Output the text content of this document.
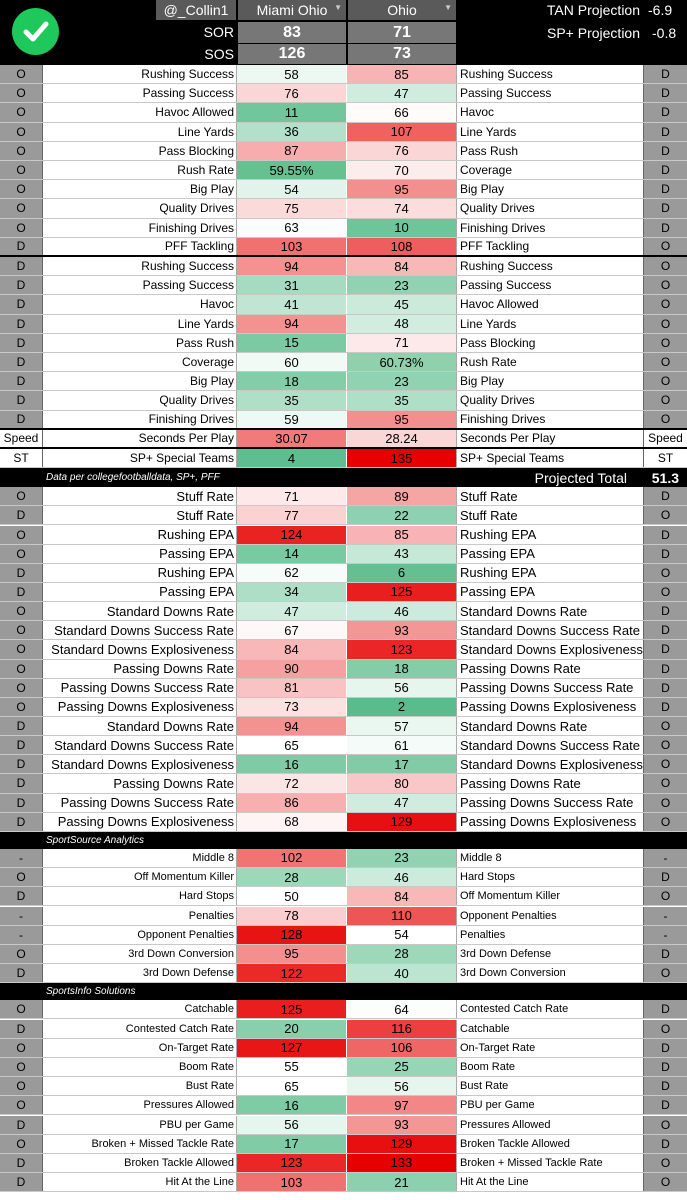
@_Collin1 Miami Ohio ▼	Ohio	▼	TAN Projection -6.9
SOR	83	71	SP+ Projection -0.8
SOS	126	73
O	Rushing Success	58	85	Rushing Success	D
O	Passing Success	76	47	Passing Success	D
O	Havoc Allowed	11	66	Havoc	D
O	Line Yards	36	107	Line Yards	D
O	Pass Blocking	87	76	Pass Rush	D
O	Rush Rate	59.55%	70	Coverage	D
O	Big Play	54	95	Big Play	D
O	Quality Drives	75	74	Quality Drives	D
O	Finishing Drives	63	10	Finishing Drives	D
D	PFF Tackling	103	108	PFF Tackling	O
D	Rushing Success	94	84	Rushing Success	O
D	Passing Success	31	23	Passing Success	O
D	Havoc	41	45	Havoc Allowed	O
D	Line Yards	94	48	Line Yards	O
D	Pass Rush	15	71	Pass Blocking	O
D	Coverage	60	60.73%	Rush Rate	O
D	Big Play	18	23	Big Play	O
D	Quality Drives	35	35	Quality Drives	O
D	Finishing Drives	59	95	Finishing Drives	O
Speed	Seconds Per Play	30.07	28.24	Seconds Per Play	Speed
ST	SP+ Special Teams	4	135	SP+ Special Teams	ST
Data per collegefootballdata, SP+, PFF	Projected Total 51.3
O	Stuff Rate	71	89	Stuff Rate	D
D	Stuff Rate	77	22	Stuff Rate	O
O	Rushing EPA	124	85	Rushing EPA	D
O	Passing EPA	14	43	Passing EPA	D
D	Rushing EPA	62	6	Rushing EPA	O
D	Passing EPA	34	125	Passing EPA	O
O	Standard Downs Rate	47	46	Standard Downs Rate	D
O	Standard Downs Success Rate	67	93	Standard Downs Success Rate	D
O	Standard Downs Explosiveness	84	123	Standard Downs Explosiveness	D
O	Passing Downs Rate	90	18	Passing Downs Rate	D
O	Passing Downs Success Rate	81	56	Passing Downs Success Rate	D
O	Passing Downs Explosiveness	73	2	Passing Downs Explosiveness	D
D	Standard Downs Rate	94	57	Standard Downs Rate	O
D	Standard Downs Success Rate	65	61	Standard Downs Success Rate	O
D	Standard Downs Explosiveness	16	17	Standard Downs Explosiveness	O
D	Passing Downs Rate	72	80	Passing Downs Rate	O
D	Passing Downs Success Rate	86	47	Passing Downs Success Rate	O
D	Passing Downs Explosiveness	68	129	Passing Downs Explosiveness	O
SportSource Analytics
-	Middle 8	102	23	Middle 8	-
O	Off Momentum Killer	28	46	Hard Stops	D
D	Hard Stops	50	84	Off Momentum Killer	O
-	Penalties	78	110	Opponent Penalties	-
-	Opponent Penalties	128	54	Penalties	-
O	3rd Down Conversion	95	28	3rd Down Defense	D
D	3rd Down Defense	122	40	3rd Down Conversion	O
SportsInfo Solutions
O	Catchable	125	64	Contested Catch Rate	D
D	Contested Catch Rate	20	116	Catchable	O
O	On-Target Rate	127	106	On-Target Rate	D
O	Boom Rate	55	25	Boom Rate	D
O	Bust Rate	65	56	Bust Rate	D
O	Pressures Allowed	16	97	PBU per Game	D
D	PBU per Game	56	93	Pressures Allowed	O
O	Broken + Missed Tackle Rate	17	129	Broken Tackle Allowed	D
D	Broken Tackle Allowed	123	133	Broken + Missed Tackle Rate	O
D	Hit At the Line	103	21	Hit At the Line	O
